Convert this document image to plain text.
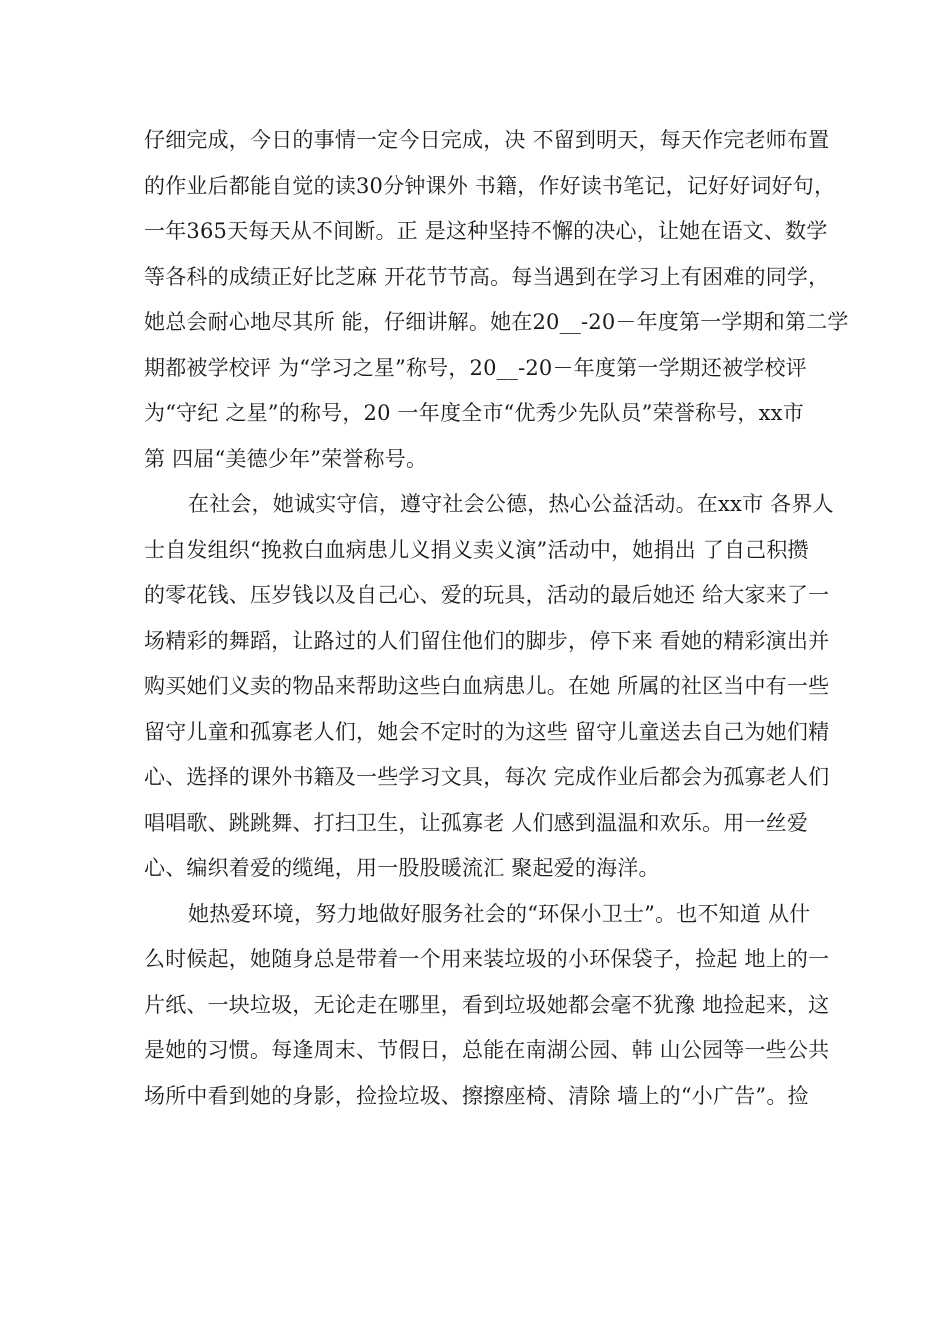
仔细完成，今日的事情一定今日完成，决 不留到明天，每天作完老师布置
的作业后都能自觉的读30分钟课外 书籍，作好读书笔记，记好好词好句，
一年365天每天从不间断。正 是这种坚持不懈的决心，让她在语文、数学
等各科的成绩正好比芝麻 开花节节高。每当遇到在学习上有困难的同学，
她总会耐心地尽其所 能，仔细讲解。她在20__-20－年度第一学期和第二学
期都被学校评 为“学习之星”称号，20__-20－年度第一学期还被学校评
为“守纪 之星”的称号，20 一年度全市“优秀少先队员”荣誉称号，xx市
第 四届“美德少年”荣誉称号。
在社会，她诚实守信，遵守社会公德，热心公益活动。在xx市 各界人
士自发组织“挽救白血病患儿义捐义卖义演”活动中，她捐出 了自己积攒
的零花钱、压岁钱以及自己心、爱的玩具，活动的最后她还 给大家来了一
场精彩的舞蹈，让路过的人们留住他们的脚步，停下来 看她的精彩演出并
购买她们义卖的物品来帮助这些白血病患儿。在她 所属的社区当中有一些
留守儿童和孤寡老人们，她会不定时的为这些 留守儿童送去自己为她们精
心、选择的课外书籍及一些学习文具，每次 完成作业后都会为孤寡老人们
唱唱歌、跳跳舞、打扫卫生，让孤寡老 人们感到温温和欢乐。用一丝爱
心、编织着爱的缆绳，用一股股暖流汇 聚起爱的海洋。
她热爱环境，努力地做好服务社会的“环保小卫士”。也不知道 从什
么时候起，她随身总是带着一个用来装垃圾的小环保袋子，捡起 地上的一
片纸、一块垃圾，无论走在哪里，看到垃圾她都会毫不犹豫 地捡起来，这
是她的习惯。每逢周末、节假日，总能在南湖公园、韩 山公园等一些公共
场所中看到她的身影，捡捡垃圾、擦擦座椅、清除 墙上的“小广告”。捡
